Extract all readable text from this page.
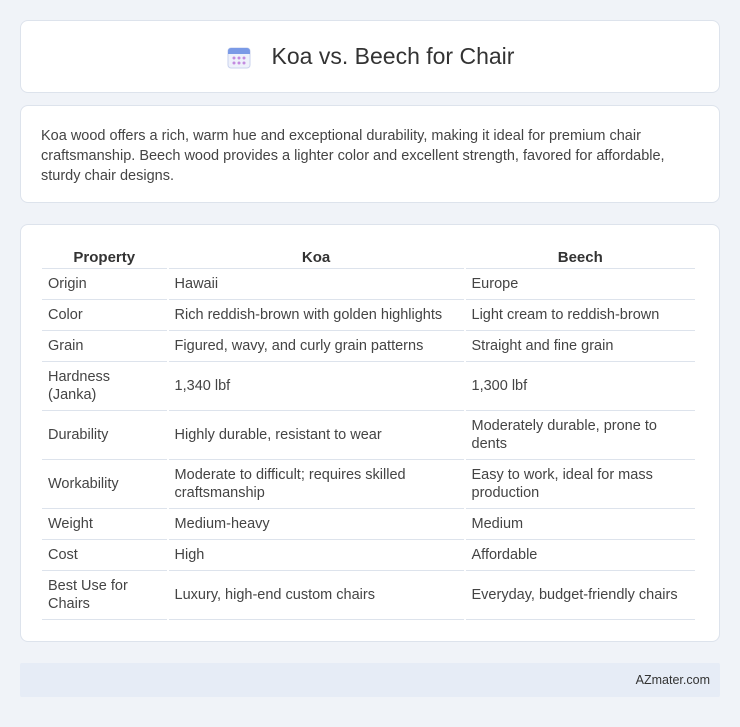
Koa vs. Beech for Chair

Koa wood offers a rich, warm hue and exceptional durability, making it ideal for premium chair craftsmanship. Beech wood provides a lighter color and excellent strength, favored for affordable, sturdy chair designs.

Property	Koa	Beech
Origin	Hawaii	Europe
Color	Rich reddish-brown with golden highlights	Light cream to reddish-brown
Grain	Figured, wavy, and curly grain patterns	Straight and fine grain
Hardness (Janka)	1,340 lbf	1,300 lbf
Durability	Highly durable, resistant to wear	Moderately durable, prone to dents
Workability	Moderate to difficult; requires skilled craftsmanship	Easy to work, ideal for mass production
Weight	Medium-heavy	Medium
Cost	High	Affordable
Best Use for Chairs	Luxury, high-end custom chairs	Everyday, budget-friendly chairs
AZmater.com
